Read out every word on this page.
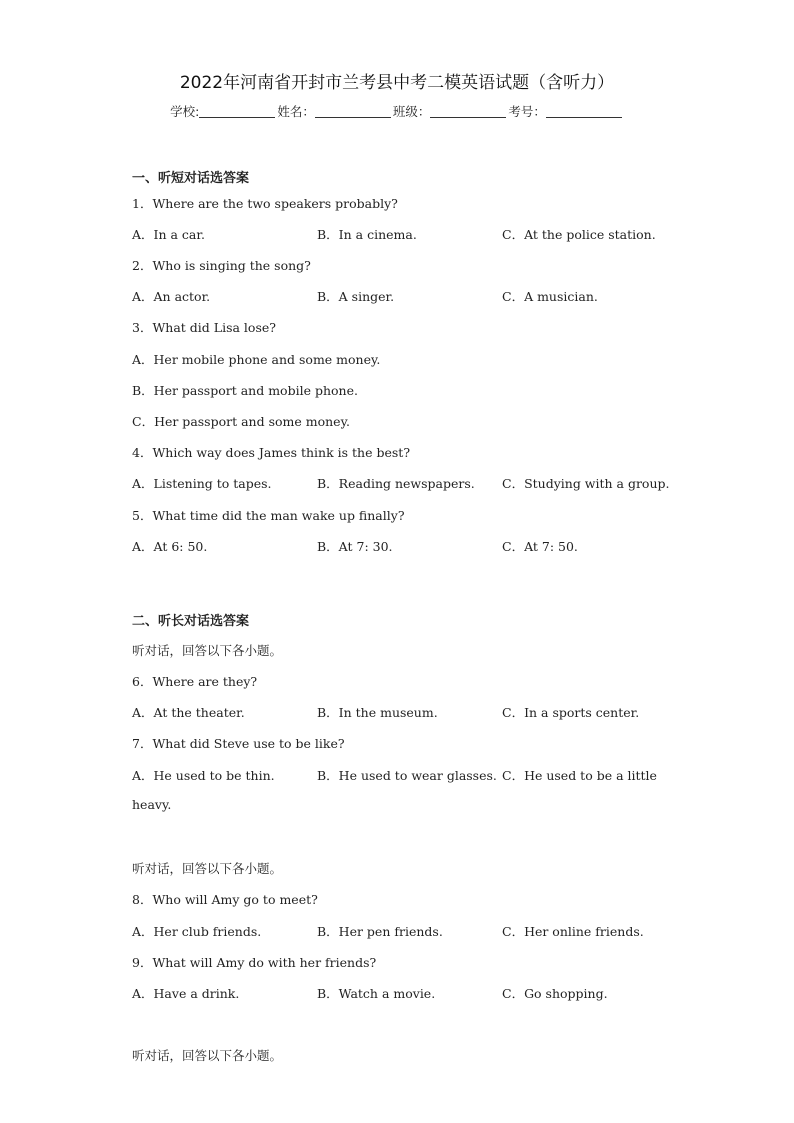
2022年河南省开封市兰考县中考二模英语试题（含听力）
学校:	姓名：	班级：	考号：
一、听短对话选答案
1．Where are the two speakers probably?
A．In a car.	B．In a cinema.	C．At the police station.
2．Who is singing the song?
A．An actor.	B．A singer.	C．A musician.
3．What did Lisa lose?
A．Her mobile phone and some money.
B．Her passport and mobile phone.
C．Her passport and some money.
4．Which way does James think is the best?
A．Listening to tapes.	B．Reading newspapers. C．Studying with a group.
5．What time did the man wake up finally?
A．At 6: 50.	B．At 7: 30.	C．At 7: 50.
二、听长对话选答案
听对话，回答以下各小题。
6．Where are they?
A．At the theater.	B．In the museum.	C．In a sports center.
7．What did Steve use to be like?
A．He used to be thin.	B．He used to wear glasses. C．He used to be a little
heavy.
听对话，回答以下各小题。
8．Who will Amy go to meet?
A．Her club friends.	B．Her pen friends.	C．Her online friends.
9．What will Amy do with her friends?
A．Have a drink.	B．Watch a movie.	C．Go shopping.
听对话，回答以下各小题。
